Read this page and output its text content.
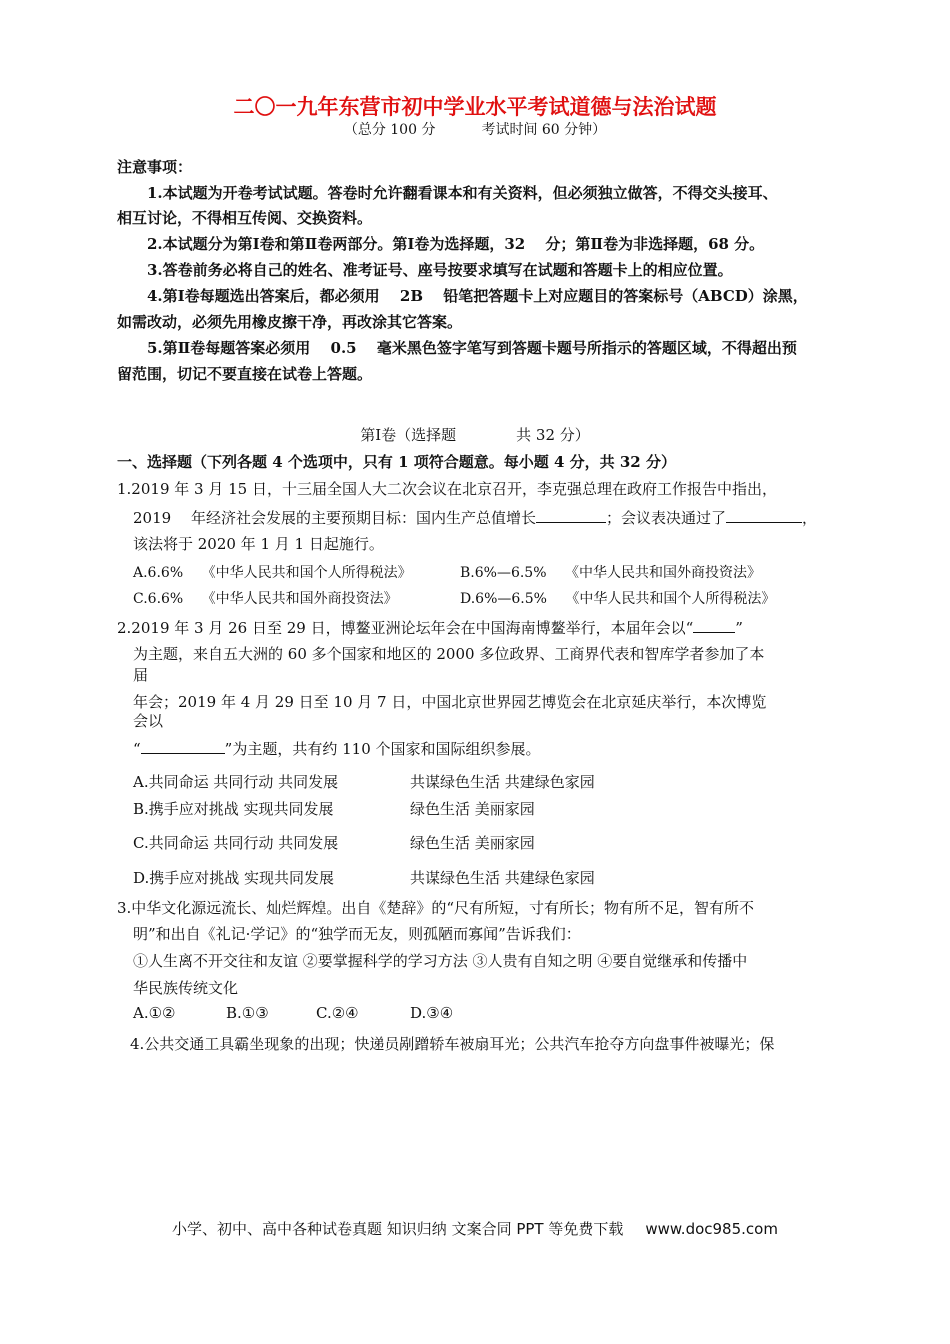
二〇一九年东营市初中学业水平考试道德与法治试题
（总分 100 分	考试时间 60 分钟）
注意事项：
1.本试题为开卷考试试题。答卷时允许翻看课本和有关资料，但必须独立做答，不得交头接耳、
相互讨论，不得相互传阅、交换资料。
2.本试题分为第Ⅰ卷和第Ⅱ卷两部分。第Ⅰ卷为选择题，32　 分；第Ⅱ卷为非选择题，68 分。
3.答卷前务必将自己的姓名、准考证号、座号按要求填写在试题和答题卡上的相应位置。
4.第Ⅰ卷每题选出答案后，都必须用　 2B　 铅笔把答题卡上对应题目的答案标号（ABCD）涂黑，
如需改动，必须先用橡皮擦干净，再改涂其它答案。
5.第Ⅱ卷每题答案必须用　 0.5　 毫米黑色签字笔写到答题卡题号所指示的答题区域，不得超出预
留范围，切记不要直接在试卷上答题。
第Ⅰ卷（选择题	共 32 分）
一、选择题（下列各题 4 个选项中，只有 1 项符合题意。每小题 4 分，共 32 分）
1.2019 年 3 月 15 日，十三届全国人大二次会议在北京召开，李克强总理在政府工作报告中指出，
2019　 年经济社会发展的主要预期目标：国内生产总值增长	；会议表决通过了	，
该法将于 2020 年 1 月 1 日起施行。
A.6.6%　 《中华人民共和国个人所得税法》	B.6%—6.5%　 《中华人民共和国外商投资法》
C.6.6%　 《中华人民共和国外商投资法》	D.6%—6.5%　 《中华人民共和国个人所得税法》
2.2019 年 3 月 26 日至 29 日，博鳌亚洲论坛年会在中国海南博鳌举行，本届年会以“	”
为主题，来自五大洲的 60 多个国家和地区的 2000 多位政界、工商界代表和智库学者参加了本
届
年会；2019 年 4 月 29 日至 10 月 7 日，中国北京世界园艺博览会在北京延庆举行，本次博览
会以
“	”为主题，共有约 110 个国家和国际组织参展。
A.共同命运 共同行动 共同发展	共谋绿色生活 共建绿色家园
B.携手应对挑战 实现共同发展	绿色生活 美丽家园
C.共同命运 共同行动 共同发展	绿色生活 美丽家园
D.携手应对挑战 实现共同发展	共谋绿色生活 共建绿色家园
3.中华文化源远流长、灿烂辉煌。出自《楚辞》的“尺有所短，寸有所长；物有所不足，智有所不
明”和出自《礼记·学记》的“独学而无友，则孤陋而寡闻”告诉我们：
①人生离不开交往和友谊 ②要掌握科学的学习方法 ③人贵有自知之明 ④要自觉继承和传播中
华民族传统文化
A.①②	B.①③	C.②④	D.③④
4.公共交通工具霸坐现象的出现；快递员剐蹭轿车被扇耳光；公共汽车抢夺方向盘事件被曝光；保
小学、初中、高中各种试卷真题 知识归纳 文案合同 PPT 等免费下载 www.doc985.com
